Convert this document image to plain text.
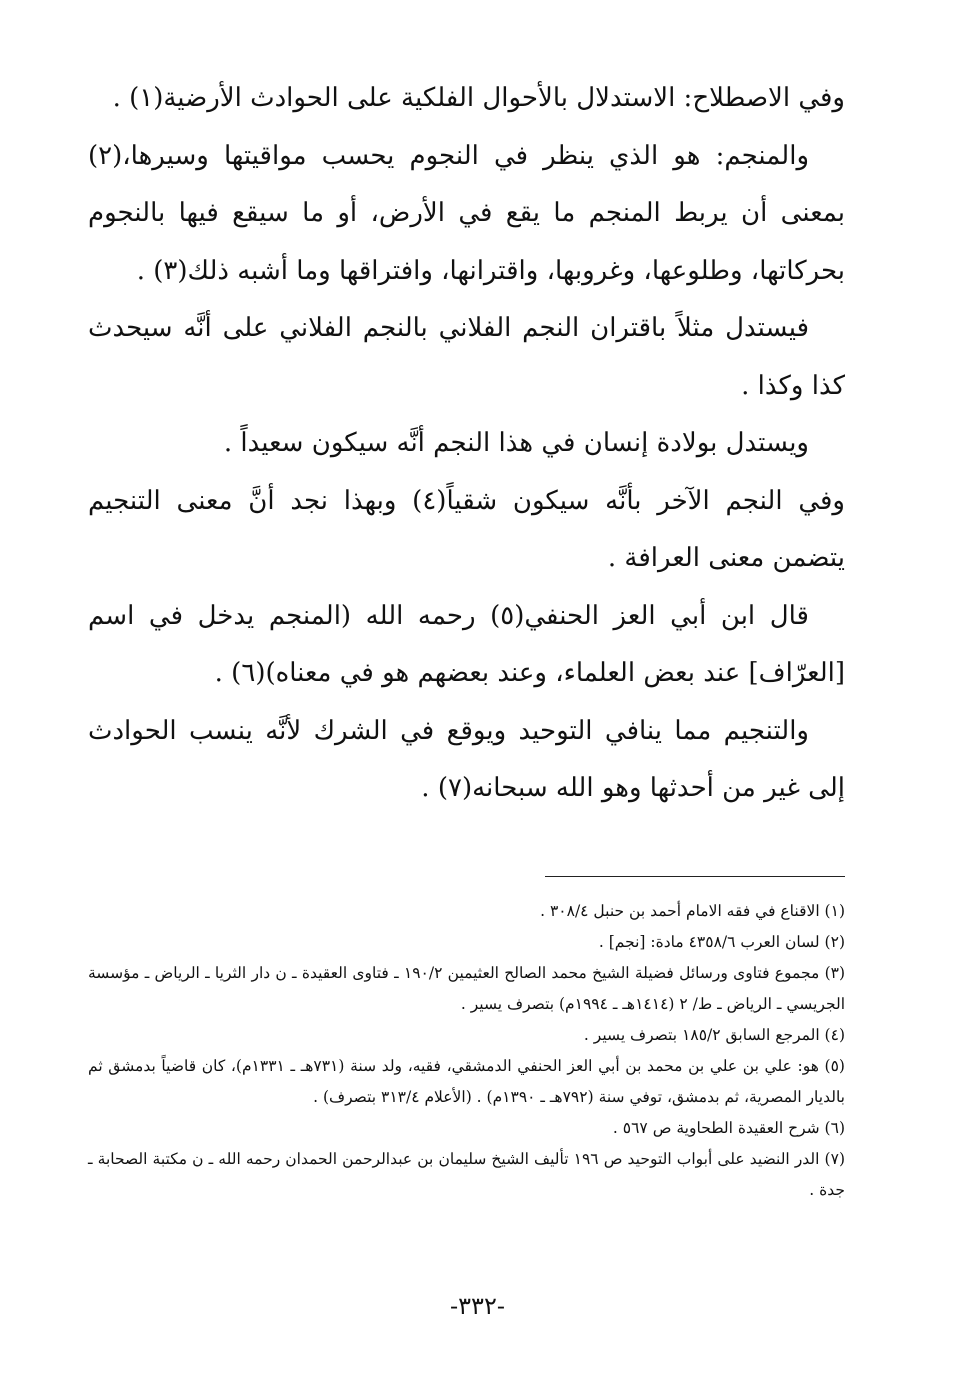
وفي الاصطلاح: الاستدلال بالأحوال الفلكية على الحوادث الأرضية(١) .

والمنجم: هو الذي ينظر في النجوم يحسب مواقيتها وسيرها،(٢) بمعنى أن يربط المنجم ما يقع في الأرض، أو ما سيقع فيها بالنجوم بحركاتها، وطلوعها، وغروبها، واقترانها، وافتراقها وما أشبه ذلك(٣) .

فيستدل مثلاً باقتران النجم الفلاني بالنجم الفلاني على أنَّه سيحدث كذا وكذا .

ويستدل بولادة إنسان في هذا النجم أنَّه سيكون سعيداً .

وفي النجم الآخر بأنَّه سيكون شقياً(٤) وبهذا نجد أنَّ معنى التنجيم يتضمن معنى العرافة .

قال ابن أبي العز الحنفي(٥) رحمه الله (المنجم يدخل في اسم [العرّاف] عند بعض العلماء، وعند بعضهم هو في معناه)(٦) .

والتنجيم مما ينافي التوحيد ويوقع في الشرك لأنَّه ينسب الحوادث إلى غير من أحدثها وهو الله سبحانه(٧) .

(١) الاقناع في فقه الامام أحمد بن حنبل ٣٠٨/٤ .

(٢) لسان العرب ٤٣٥٨/٦ مادة: [نجم] .

(٣) مجموع فتاوى ورسائل فضيلة الشيخ محمد الصالح العثيمين ١٩٠/٢ ـ فتاوى العقيدة ـ ن دار الثريا ـ الرياض ـ مؤسسة الجريسي ـ الرياض ـ ط/ ٢ (١٤١٤هـ ـ ١٩٩٤م) بتصرف يسير .

(٤) المرجع السابق ١٨٥/٢ بتصرف يسير .

(٥) هو: علي بن علي بن محمد بن أبي العز الحنفي الدمشقي، فقيه، ولد سنة (٧٣١هـ ـ ١٣٣١م)، كان قاضياً بدمشق ثم بالديار المصرية، ثم بدمشق، توفي سنة (٧٩٢هـ ـ ١٣٩٠م) . (الأعلام ٣١٣/٤ بتصرف) .

(٦) شرح العقيدة الطحاوية ص ٥٦٧ .

(٧) الدر النضيد على أبواب التوحيد ص ١٩٦ تأليف الشيخ سليمان بن عبدالرحمن الحمدان رحمه الله ـ ن مكتبة الصحابة ـ جدة .

-٣٣٢-
